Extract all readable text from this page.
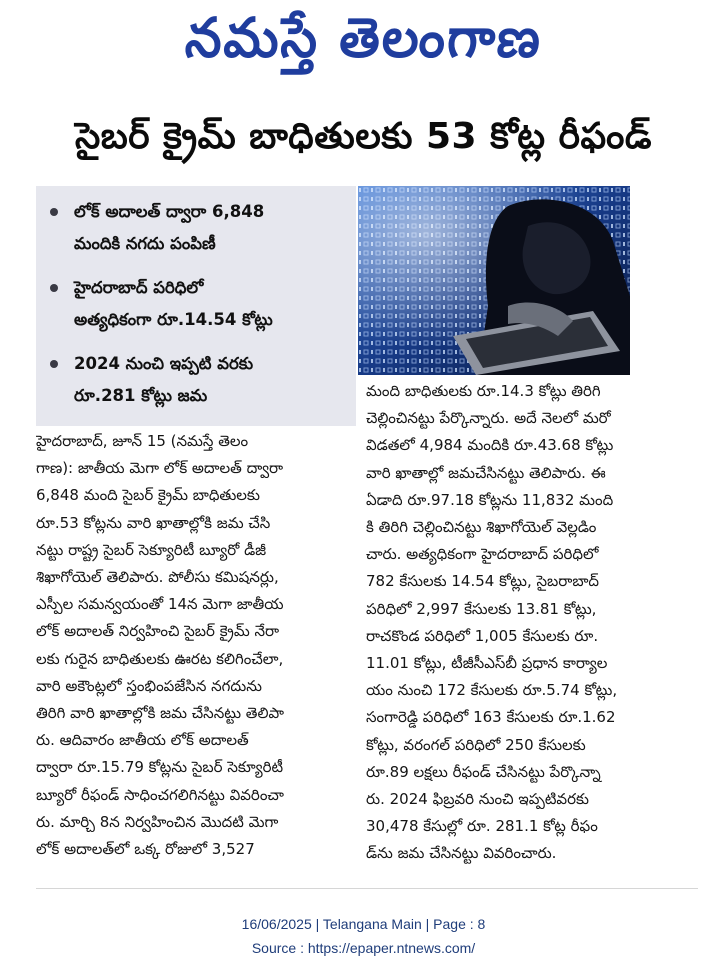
నమస్తే తెలంగాణ
సైబర్ క్రైమ్ బాధితులకు 53 కోట్ల రీఫండ్
లోక్ అదాలత్ ద్వారా 6,848
మందికి నగదు పంపిణీ
హైదరాబాద్ పరిధిలో
అత్యధికంగా రూ.14.54 కోట్లు
2024 నుంచి ఇప్పటి వరకు
రూ.281 కోట్లు జమ
హైదరాబాద్, జూన్ 15 (నమస్తే తెలం
గాణ): జాతీయ మెగా లోక్ అదాలత్ ద్వారా
6,848 మంది సైబర్ క్రైమ్ బాధితులకు
రూ.53 కోట్లను వారి ఖాతాల్లోకి జమ చేసి
నట్టు రాష్ట్ర సైబర్ సెక్యూరిటీ బ్యూరో డీజీ
శిఖాగోయెల్ తెలిపారు. పోలీసు కమిషనర్లు,
ఎస్పీల సమన్వయంతో 14న మెగా జాతీయ
లోక్ అదాలత్ నిర్వహించి సైబర్ క్రైమ్ నేరా
లకు గురైన బాధితులకు ఊరట కలిగించేలా,
వారి అకౌంట్లలో స్తంభింపజేసిన నగదును
తిరిగి వారి ఖాతాల్లోకి జమ చేసినట్టు తెలిపా
రు. ఆదివారం జాతీయ లోక్ అదాలత్
ద్వారా రూ.15.79 కోట్లను సైబర్ సెక్యూరిటీ
బ్యూరో రీఫండ్ సాధించగలిగినట్టు వివరించా
రు. మార్చి 8న నిర్వహించిన మొదటి మెగా
లోక్ అదాలత్‌లో ఒక్క రోజులో 3,527
మంది బాధితులకు రూ.14.3 కోట్లు తిరిగి
చెల్లించినట్టు పేర్కొన్నారు. అదే నెలలో మరో
విడతలో 4,984 మందికి రూ.43.68 కోట్లు
వారి ఖాతాల్లో జమచేసినట్టు తెలిపారు. ఈ
ఏడాది రూ.97.18 కోట్లను 11,832 మంది
కి తిరిగి చెల్లించినట్టు శిఖాగోయెల్ వెల్లడిం
చారు. అత్యధికంగా హైదరాబాద్ పరిధిలో
782 కేసులకు 14.54 కోట్లు, సైబరాబాద్
పరిధిలో 2,997 కేసులకు 13.81 కోట్లు,
రాచకొండ పరిధిలో 1,005 కేసులకు రూ.
11.01 కోట్లు, టీజీసీఎస్‌బీ ప్రధాన కార్యాల
యం నుంచి 172 కేసులకు రూ.5.74 కోట్లు,
సంగారెడ్డి పరిధిలో 163 కేసులకు రూ.1.62
కోట్లు, వరంగల్ పరిధిలో 250 కేసులకు
రూ.89 లక్షలు రీఫండ్ చేసినట్టు పేర్కొన్నా
రు. 2024 ఫిబ్రవరి నుంచి ఇప్పటివరకు
30,478 కేసుల్లో రూ. 281.1 కోట్ల రీఫం
డ్‌ను జమ చేసినట్టు వివరించారు.
16/06/2025 | Telangana Main | Page : 8
Source : https://epaper.ntnews.com/
